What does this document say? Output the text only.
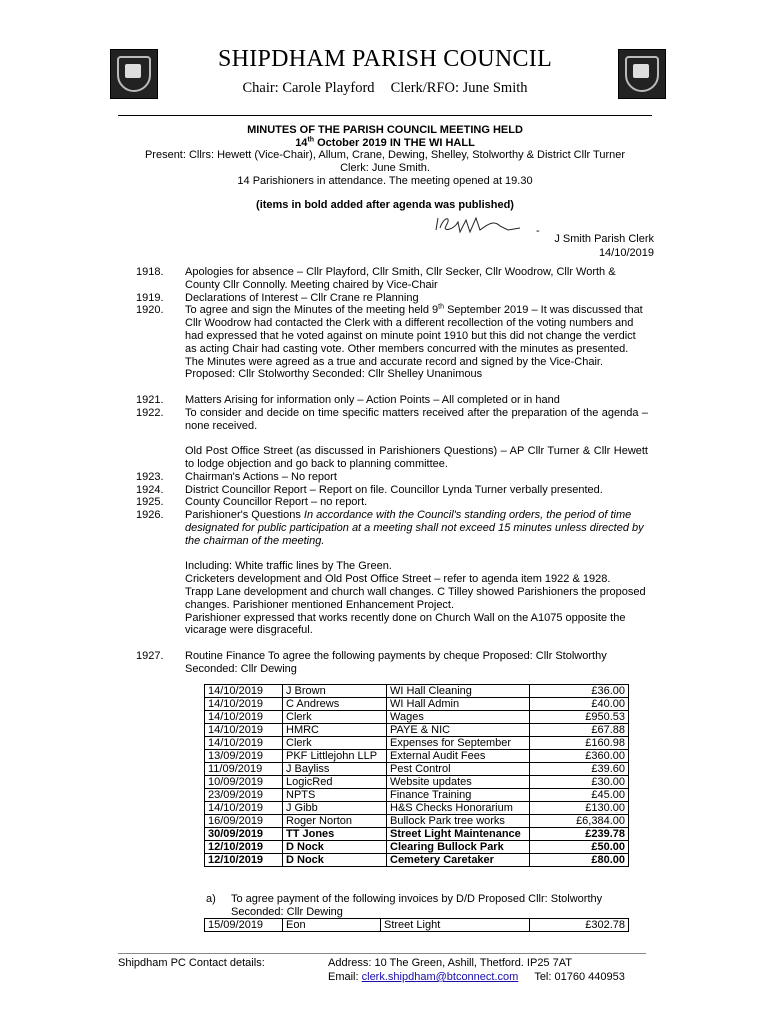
SHIPDHAM PARISH COUNCIL
Chair: Carole Playford Clerk/RFO: June Smith
MINUTES OF THE PARISH COUNCIL MEETING HELD
14th October 2019 IN THE WI HALL
Present: Cllrs: Hewett (Vice-Chair), Allum, Crane, Dewing, Shelley, Stolworthy & District Cllr Turner
Clerk: June Smith.
14 Parishioners in attendance. The meeting opened at 19.30
(items in bold added after agenda was published)
-
J Smith Parish Clerk
14/10/2019
1918.	Apologies for absence – Cllr Playford, Cllr Smith, Cllr Secker, Cllr Woodrow, Cllr Worth & County Cllr Connolly. Meeting chaired by Vice-Chair
1919.	Declarations of Interest – Cllr Crane re Planning
1920.	To agree and sign the Minutes of the meeting held 9th September 2019 – It was discussed that Cllr Woodrow had contacted the Clerk with a different recollection of the voting numbers and had expressed that he voted against on minute point 1910 but this did not change the verdict as acting Chair had casting vote. Other members concurred with the minutes as presented. The Minutes were agreed as a true and accurate record and signed by the Vice-Chair. Proposed: Cllr Stolworthy Seconded: Cllr Shelley Unanimous
1921.	Matters Arising for information only – Action Points – All completed or in hand
1922.	To consider and decide on time specific matters received after the preparation of the agenda – none received.
Old Post Office Street (as discussed in Parishioners Questions) – AP Cllr Turner & Cllr Hewett to lodge objection and go back to planning committee.
1923.	Chairman's Actions – No report
1924.	District Councillor Report – Report on file. Councillor Lynda Turner verbally presented.
1925.	County Councillor Report – no report.
1926.	Parishioner's Questions In accordance with the Council's standing orders, the period of time designated for public participation at a meeting shall not exceed 15 minutes unless directed by the chairman of the meeting.
Including: White traffic lines by The Green.
Cricketers development and Old Post Office Street – refer to agenda item 1922 & 1928.
Trapp Lane development and church wall changes. C Tilley showed Parishioners the proposed changes. Parishioner mentioned Enhancement Project.
Parishioner expressed that works recently done on Church Wall on the A1075 opposite the vicarage were disgraceful.
1927.	Routine Finance To agree the following payments by cheque Proposed: Cllr Stolworthy Seconded: Cllr Dewing
14/10/2019	J Brown	WI Hall Cleaning	£36.00
14/10/2019	C Andrews	WI Hall Admin	£40.00
14/10/2019	Clerk	Wages	£950.53
14/10/2019	HMRC	PAYE & NIC	£67.88
14/10/2019	Clerk	Expenses for September	£160.98
13/09/2019	PKF Littlejohn LLP	External Audit Fees	£360.00
11/09/2019	J Bayliss	Pest Control	£39.60
10/09/2019	LogicRed	Website updates	£30.00
23/09/2019	NPTS	Finance Training	£45.00
14/10/2019	J Gibb	H&S Checks Honorarium	£130.00
16/09/2019	Roger Norton	Bullock Park tree works	£6,384.00
30/09/2019	TT Jones	Street Light Maintenance	£239.78
12/10/2019	D Nock	Clearing Bullock Park	£50.00
12/10/2019	D Nock	Cemetery Caretaker	£80.00
a) To agree payment of the following invoices by D/D Proposed Cllr: Stolworthy
Seconded: Cllr Dewing
15/09/2019	Eon	Street Light	£302.78
Shipdham PC Contact details:	Address: 10 The Green, Ashill, Thetford. IP25 7AT
Email: clerk.shipdham@btconnect.com Tel: 01760 440953
